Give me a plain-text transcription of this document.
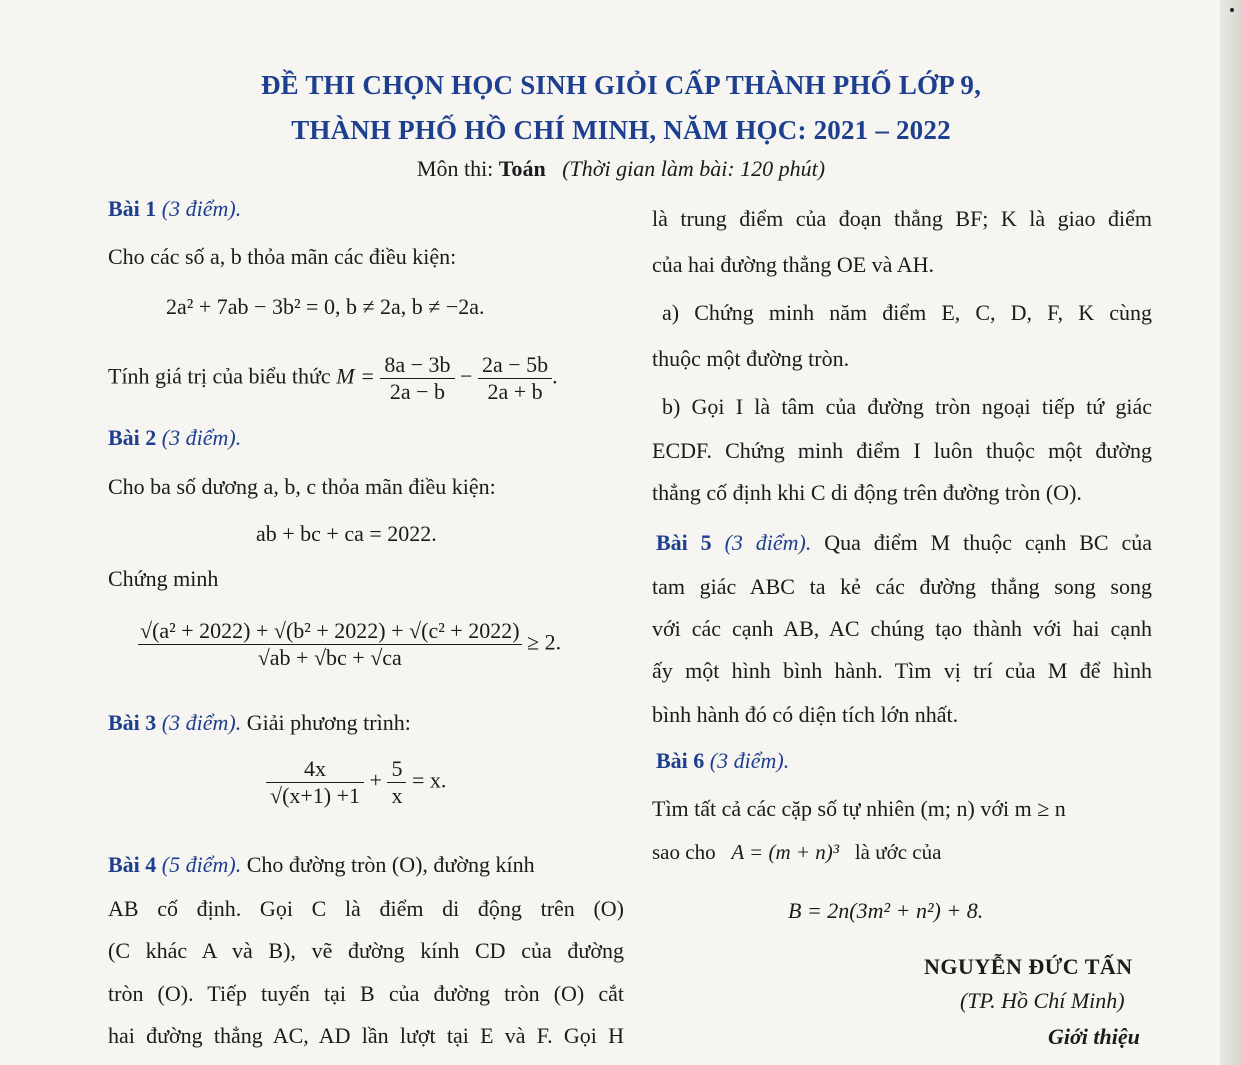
ĐỀ THI CHỌN HỌC SINH GIỎI CẤP THÀNH PHỐ LỚP 9,
THÀNH PHỐ HỒ CHÍ MINH, NĂM HỌC: 2021 – 2022
Môn thi: Toán (Thời gian làm bài: 120 phút)
Bài 1 (3 điểm).
Cho các số a, b thỏa mãn các điều kiện:
2a² + 7ab − 3b² = 0, b ≠ 2a, b ≠ −2a.
Tính giá trị của biểu thức $M = \frac{8a - 3b}{2a - b} - \frac{2a - 5b}{2a + b}$ .
Bài 2 (3 điểm).
Cho ba số dương a, b, c thỏa mãn điều kiện:
ab + bc + ca = 2022.
Chứng minh
$\frac{\text{√(a² + 2022) + √(b² + 2022) + √(c² + 2022)}}{√ab + √bc + √ca} \ge 2$.
Bài 3 (3 điểm). Giải phương trình:
$\frac{4x}{√(x+1) +1} + \frac{5}{x} = x$.
Bài 4 (5 điểm). Cho đường tròn (O), đường kính
AB cố định. Gọi C là điểm di động trên (O)
(C khác A và B), vẽ đường kính CD của đường
tròn (O). Tiếp tuyến tại B của đường tròn (O) cắt
hai đường thẳng AC, AD lần lượt tại E và F. Gọi H
là trung điểm của đoạn thẳng BF; K là giao điểm
của hai đường thẳng OE và AH.
a) Chứng minh năm điểm E, C, D, F, K cùng
thuộc một đường tròn.
b) Gọi I là tâm của đường tròn ngoại tiếp tứ giác
ECDF. Chứng minh điểm I luôn thuộc một đường
thẳng cố định khi C di động trên đường tròn (O).
Bài 5 (3 điểm). Qua điểm M thuộc cạnh BC của
tam giác ABC ta kẻ các đường thẳng song song
với các cạnh AB, AC chúng tạo thành với hai cạnh
ấy một hình bình hành. Tìm vị trí của M để hình
bình hành đó có diện tích lớn nhất.
Bài 6 (3 điểm).
Tìm tất cả các cặp số tự nhiên (m; n) với m ≥ n
sao cho A = (m + n)³ là ước của
B = 2n(3m² + n²) + 8.
NGUYỄN ĐỨC TẤN
(TP. Hồ Chí Minh)
Giới thiệu
